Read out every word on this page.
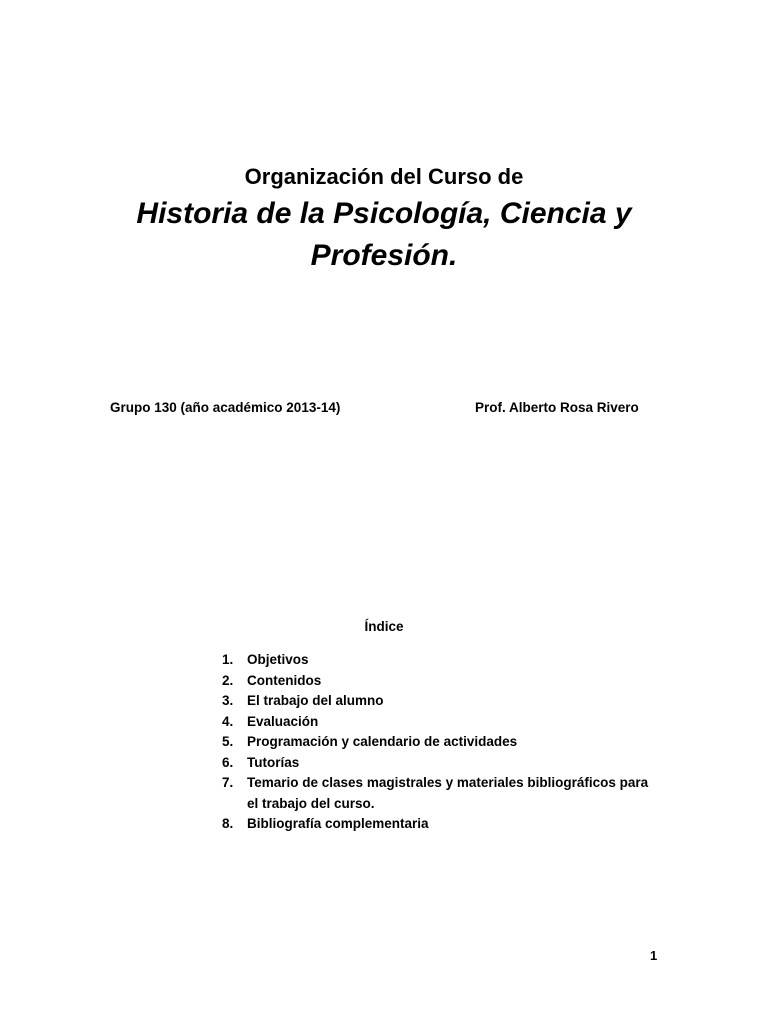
Organización del Curso de
Historia de la Psicología, Ciencia y
Profesión.
Grupo 130 (año académico 2013-14)	Prof. Alberto Rosa Rivero
Índice
1.	Objetivos
2.	Contenidos
3.	El trabajo del alumno
4.	Evaluación
5.	Programación y calendario de actividades
6.	Tutorías
7.	Temario de clases magistrales y materiales bibliográficos para el trabajo del curso.
8.	Bibliografía complementaria
1
